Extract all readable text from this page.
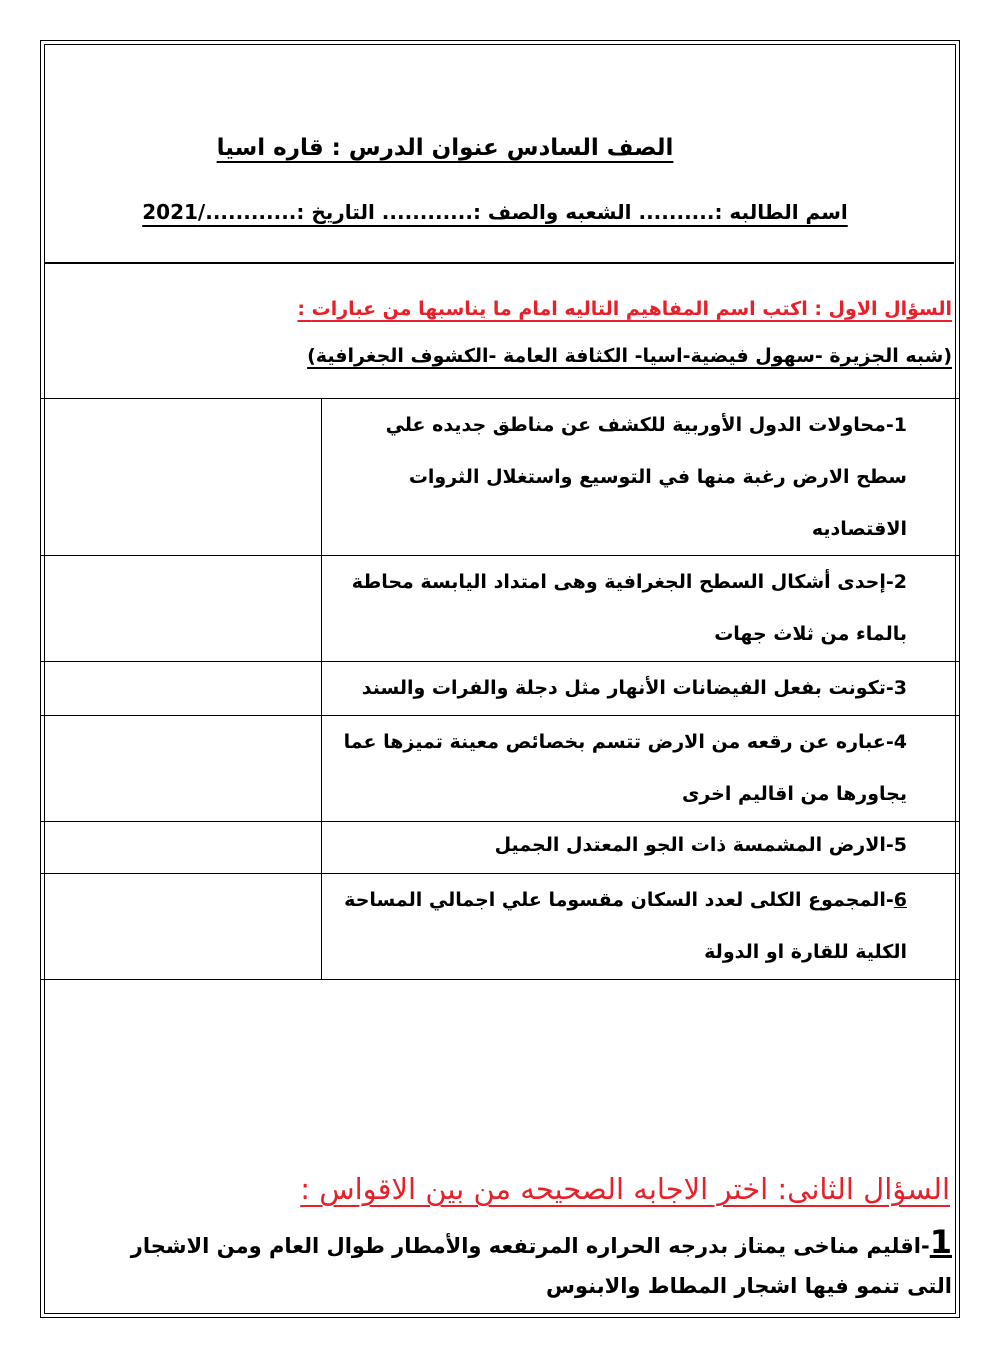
الصف السادس عنوان الدرس : قاره اسيا
اسم الطالبه :.......... الشعبه والصف :............ التاريخ :............/2021
السؤال الاول : اكتب اسم المفاهيم التاليه امام ما يناسبها من عبارات :
(شبه الجزيرة -سهول فيضية-اسيا- الكثافة العامة -الكشوف الجغرافية)
	1-محاولات الدول الأوربية للكشف عن مناطق جديده علي سطح الارض رغبة منها في التوسيع واستغلال الثروات الاقتصاديه
	2-إحدى أشكال السطح الجغرافية وهى امتداد اليابسة محاطة بالماء من ثلاث جهات
	3-تكونت بفعل الفيضانات الأنهار مثل دجلة والفرات والسند
	4-عباره عن رقعه من الارض تتسم بخصائص معينة تميزها عما يجاورها من اقاليم اخرى
	5-الارض المشمسة ذات الجو المعتدل الجميل
	6-المجموع الكلى لعدد السكان مقسوما علي اجمالي المساحة الكلية للقارة او الدولة
السؤال الثانى: اختر الاجابه الصحيحه من بين الاقواس :
1-اقليم مناخى يمتاز بدرجه الحراره المرتفعه والأمطار طوال العام ومن الاشجار التى تنمو فيها اشجار المطاط والابنوس
